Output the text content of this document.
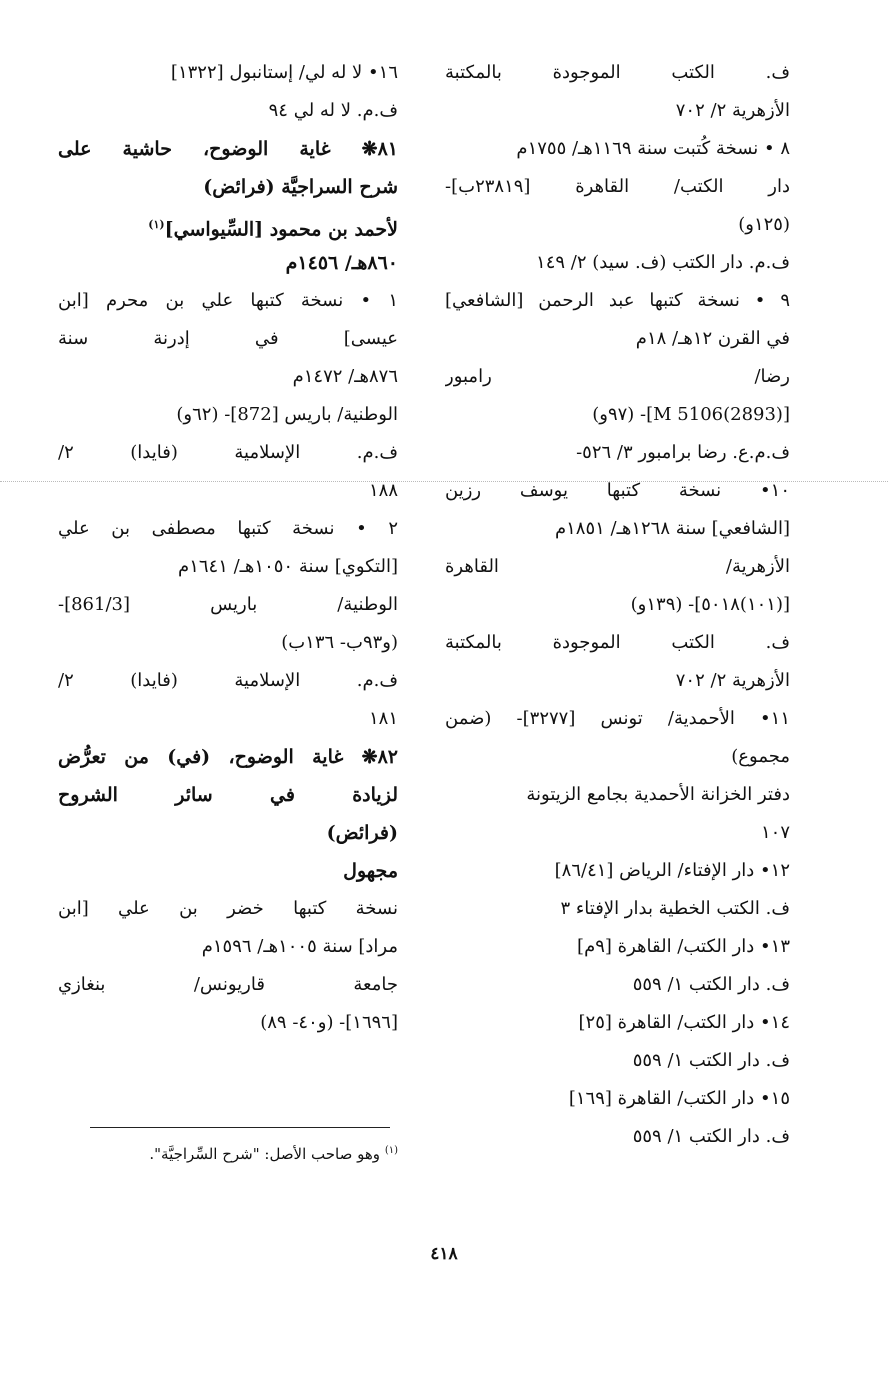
ف. الكتب الموجودة بالمكتبة
الأزهرية ٢/ ٧٠٢
٨ • نسخة كُتبت سنة ١١٦٩هـ/ ١٧٥٥م
دار الكتب/ القاهرة [٢٣٨١٩ب]-
(١٢٥و)
ف.م. دار الكتب (ف. سيد) ٢/ ١٤٩
٩ • نسخة كتبها عبد الرحمن [الشافعي]
في القرن ١٢هـ/ ١٨م
رضا/ رامبور
[M 5106(2893)]- (٩٧و)
ف.م.ع. رضا برامبور ٣/ ٥٢٦-
١٠• نسخة كتبها يوسف رزين
[الشافعي] سنة ١٢٦٨هـ/ ١٨٥١م
الأزهرية/ القاهرة
[(١٠١)٥٠١٨]- (١٣٩و)
ف. الكتب الموجودة بالمكتبة
الأزهرية ٢/ ٧٠٢
١١• الأحمدية/ تونس [٣٢٧٧]- (ضمن
مجموع)
دفتر الخزانة الأحمدية بجامع الزيتونة
١٠٧
١٢• دار الإفتاء/ الرياض [٨٦/٤١]
ف. الكتب الخطية بدار الإفتاء ٣
١٣• دار الكتب/ القاهرة [٩م]
ف. دار الكتب ١/ ٥٥٩
١٤• دار الكتب/ القاهرة [٢٥]
ف. دار الكتب ١/ ٥٥٩
١٥• دار الكتب/ القاهرة [١٦٩]
ف. دار الكتب ١/ ٥٥٩
١٦• لا له لي/ إستانبول [١٣٢٢]
ف.م. لا له لي ٩٤
٨١❋ غاية الوضوح، حاشية على
شرح السراجيَّة (فرائض)
لأحمد بن محمود [السِّيواسي]$^{(١)}$
٨٦٠هـ/ ١٤٥٦م
١ • نسخة كتبها علي بن محرم [ابن
عيسى] في إدرنة سنة
٨٧٦هـ/ ١٤٧٢م
الوطنية/ باريس [872]- (٦٢و)
ف.م. الإسلامية (فايدا) ٢/
١٨٨
٢ • نسخة كتبها مصطفى بن علي
[التكوي] سنة ١٠٥٠هـ/ ١٦٤١م
الوطنية/ باريس [861/3]-
(و٩٣ب- ١٣٦ب)
ف.م. الإسلامية (فايدا) ٢/
١٨١
٨٢❋ غاية الوضوح، (في) من تعرُّض
لزيادة في سائر الشروح
(فرائض)
مجهول
نسخة كتبها خضر بن علي [ابن
مراد] سنة ١٠٠٥هـ/ ١٥٩٦م
جامعة قاريونس/ بنغازي
[١٦٩٦]- (و٤٠- ٨٩)
$^{(١)}$ وهو صاحب الأصل: "شرح السِّراجيَّة".
٤١٨
